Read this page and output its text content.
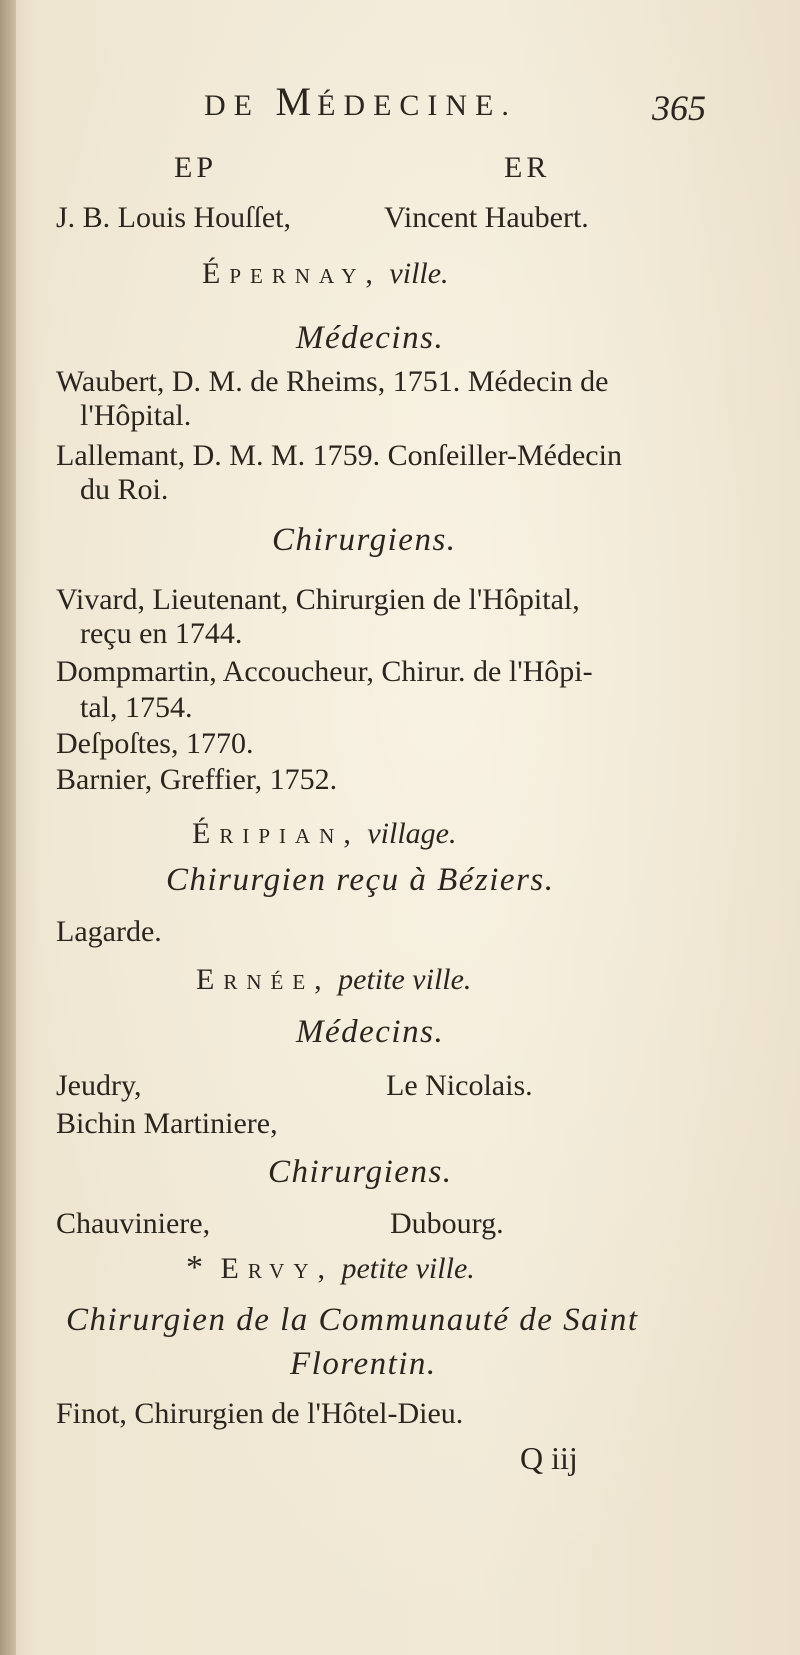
DE MÉDECINE.	365
EP	ER
J. B. Louis Houſſet,	Vincent Haubert.
Épernay, ville.
Médecins.
Waubert, D. M. de Rheims, 1751. Médecin de
l'Hôpital.
Lallemant, D. M. M. 1759. Conſeiller-Médecin
du Roi.
Chirurgiens.
Vivard, Lieutenant, Chirurgien de l'Hôpital,
reçu en 1744.
Dompmartin, Accoucheur, Chirur. de l'Hôpi-
tal, 1754.
Deſpoſtes, 1770.
Barnier, Greffier, 1752.
Éripian, village.
Chirurgien reçu à Béziers.
Lagarde.
Ernée, petite ville.
Médecins.
Jeudry,	Le Nicolais.
Bichin Martiniere,
Chirurgiens.
Chauviniere,	Dubourg.
* Ervy, petite ville.
Chirurgien de la Communauté de Saint
Florentin.
Finot, Chirurgien de l'Hôtel-Dieu.
Q iij
